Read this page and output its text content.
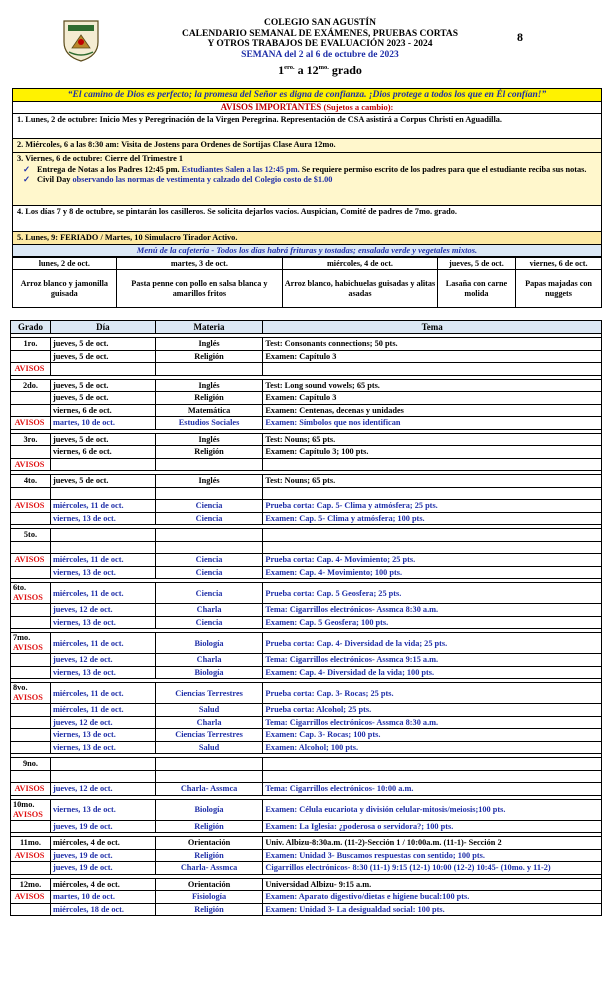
COLEGIO SAN AGUSTÍN
CALENDARIO SEMANAL DE EXÁMENES, PRUEBAS CORTAS
Y OTROS TRABAJOS DE EVALUACIÓN 2023 - 2024
SEMANA del 2 al 6 de octubre de 2023
$1^{ero.}$ a $12^{mo.}$ grado
8
“El camino de Dios es perfecto; la promesa del Señor es digna de confianza. ¡Dios protege a todos los que en Él confían!”
AVISOS IMPORTANTES (Sujetos a cambio):
1. Lunes, 2 de octubre: Inicio Mes y Peregrinación de la Virgen Peregrina. Representación de CSA asistirá a Corpus Christi en Aguadilla.
2. Miércoles, 6 a las 8:30 am: Visita de Jostens para Ordenes de Sortijas Clase Aura 12mo.
3. Viernes, 6 de octubre: Cierre del Trimestre 1
✓ Entrega de Notas a los Padres 12:45 pm. Estudiantes Salen a las 12:45 pm. Se requiere permiso escrito de los padres para que el estudiante reciba sus notas.
✓ Civil Day observando las normas de vestimenta y calzado del Colegio costo de $1.00
4. Los días 7 y 8 de octubre, se pintarán los casilleros. Se solicita dejarlos vacíos. Auspician, Comité de padres de 7mo. grado.
5. Lunes, 9: FERIADO / Martes, 10 Simulacro Tirador Activo.
Menú de la cafetería - Todos los días habrá frituras y tostadas; ensalada verde y vegetales mixtos.
lunes, 2 de oct.	martes, 3 de oct.	miércoles, 4 de oct.	jueves, 5 de oct.	viernes, 6 de oct.
Arroz blanco y jamonilla guisada	Pasta penne con pollo en salsa blanca y amarillos fritos	Arroz blanco, habichuelas guisadas y alitas asadas	Lasaña con carne molida	Papas majadas con nuggets
Grado	Día	Materia	Tema

1ro.	jueves, 5 de oct.	Inglés	Test: Consonants connections; 50 pts.
	jueves, 5 de oct.	Religión	Examen: Capítulo 3
AVISOS			

2do.	jueves, 5 de oct.	Inglés	Test: Long sound vowels; 65 pts.
	jueves, 5 de oct.	Religión	Examen: Capítulo 3
	viernes, 6 de oct.	Matemática	Examen: Centenas, decenas y unidades
AVISOS	martes, 10 de oct.	Estudios Sociales	Examen: Símbolos que nos identifican

3ro.	jueves, 5 de oct.	Inglés	Test: Nouns; 65 pts.
	viernes, 6 de oct.	Religión	Examen: Capítulo 3; 100 pts.
AVISOS			

4to.	jueves, 5 de oct.	Inglés	Test: Nouns; 65 pts.

AVISOS	miércoles, 11 de oct.	Ciencia	Prueba corta: Cap. 5- Clima y atmósfera; 25 pts.
	viernes, 13 de oct.	Ciencia	Examen: Cap. 5- Clima y atmósfera; 100 pts.

5to.			

AVISOS	miércoles, 11 de oct.	Ciencia	Prueba corta: Cap. 4- Movimiento; 25 pts.
	viernes, 13 de oct.	Ciencia	Examen: Cap. 4- Movimiento; 100 pts.

6to.
AVISOS	miércoles, 11 de oct.	Ciencia	Prueba corta: Cap. 5 Geosfera; 25 pts.
	jueves, 12 de oct.	Charla	Tema: Cigarrillos electrónicos- Assmca 8:30 a.m.
	viernes, 13 de oct.	Ciencia	Examen: Cap. 5 Geosfera; 100 pts.

7mo.
AVISOS	miércoles, 11 de oct.	Biología	Prueba corta: Cap. 4- Diversidad de la vida; 25 pts.
	jueves, 12 de oct.	Charla	Tema: Cigarrillos electrónicos- Assmca 9:15 a.m.
	viernes, 13 de oct.	Biología	Examen: Cap. 4- Diversidad de la vida; 100 pts.

8vo.
AVISOS	miércoles, 11 de oct.	Ciencias Terrestres	Prueba corta: Cap. 3- Rocas; 25 pts.
	miércoles, 11 de oct.	Salud	Prueba corta: Alcohol; 25 pts.
	jueves, 12 de oct.	Charla	Tema: Cigarrillos electrónicos- Assmca 8:30 a.m.
	viernes, 13 de oct.	Ciencias Terrestres	Examen: Cap. 3- Rocas; 100 pts.
	viernes, 13 de oct.	Salud	Examen: Alcohol; 100 pts.

9no.			

AVISOS	jueves, 12 de oct.	Charla- Assmca	Tema: Cigarrillos electrónicos- 10:00 a.m.

10mo.
AVISOS	viernes, 13 de oct.	Biología	Examen: Célula eucariota y división celular-mitosis/meiosis;100 pts.
	jueves, 19 de oct.	Religión	Examen: La Iglesia: ¿poderosa o servidora?; 100 pts.

11mo.	miércoles, 4 de oct.	Orientación	Univ. Albizu-8:30a.m. (11-2)-Sección 1 / 10:00a.m. (11-1)- Sección 2
AVISOS	jueves, 19 de oct.	Religión	Examen: Unidad 3- Buscamos respuestas con sentido; 100 pts.
	jueves, 19 de oct.	Charla- Assmca	Cigarrillos electrónicos- 8:30 (11-1) 9:15 (12-1) 10:00 (12-2) 10:45- (10mo. y 11-2)

12mo.	miércoles, 4 de oct.	Orientación	Universidad Albizu- 9:15 a.m.
AVISOS	martes, 10 de oct.	Fisiología	Examen: Aparato digestivo/dietas e higiene bucal:100 pts.
	miércoles, 18 de oct.	Religión	Examen: Unidad 3- La desigualdad social: 100 pts.
